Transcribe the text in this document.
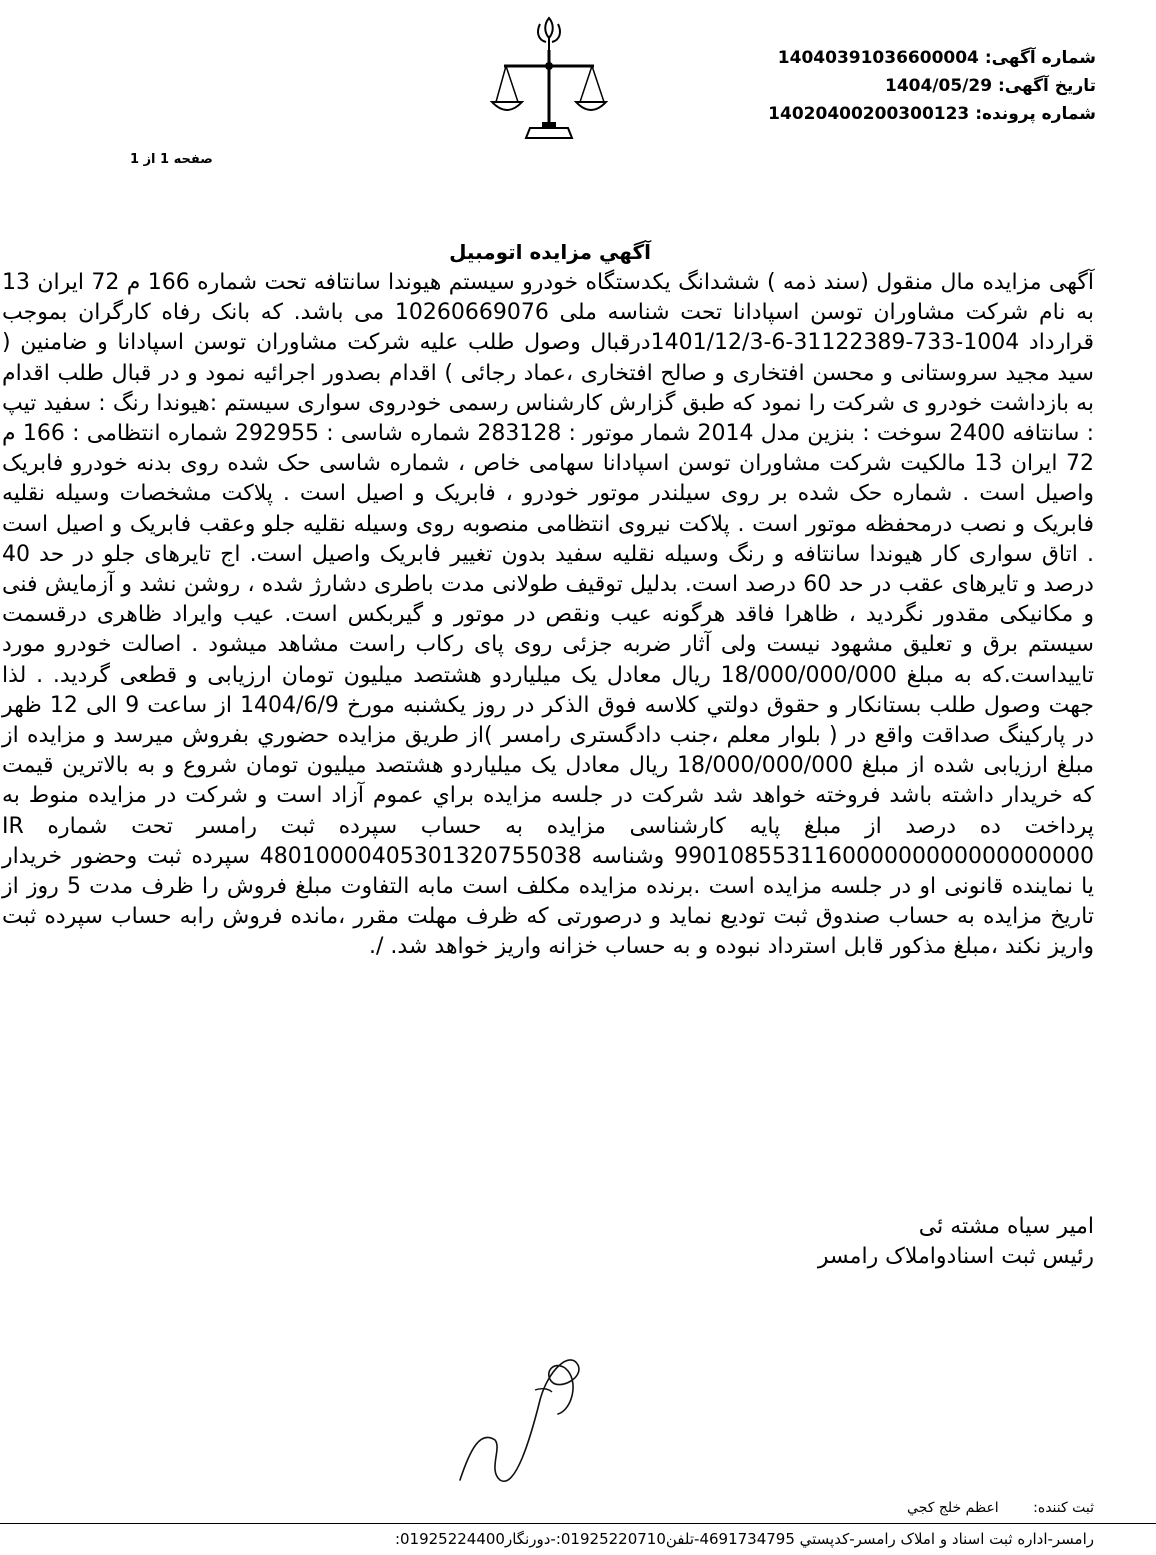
شماره آگهی: 14040391036600004
تاریخ آگهی: 1404/05/29
شماره پرونده: 14020400200300123
صفحه 1 از 1
آگهي مزايده اتومبيل

آگهی مزایده مال منقول (سند ذمه ) ششدانگ یکدستگاه خودرو سیستم هیوندا سانتافه تحت شماره 166 م 72 ایران 13 به نام شرکت مشاوران توسن اسپادانا تحت شناسه ملی 10260669076 می باشد. که بانک رفاه کارگران بموجب قرارداد 1004-733-31122389-6-1401/12/3درقبال وصول طلب علیه شرکت مشاوران توسن اسپادانا و ضامنین ( سید مجید سروستانی و محسن افتخاری و صالح افتخاری ،عماد رجائی ) اقدام بصدور اجرائیه نمود و در قبال طلب اقدام به بازداشت خودرو ی شرکت را نمود که طبق گزارش کارشناس رسمی خودروی سواری سیستم :هیوندا رنگ : سفید تیپ : سانتافه 2400 سوخت : بنزین مدل 2014 شمار موتور : 283128 شماره شاسی : 292955 شماره انتظامی : 166 م 72 ایران 13 مالکیت شرکت مشاوران توسن اسپادانا سهامی خاص ، شماره شاسی حک شده روی بدنه خودرو فابریک واصیل است . شماره حک شده بر روی سیلندر موتور خودرو ، فابریک و اصیل است . پلاکت مشخصات وسیله نقلیه فابریک و نصب درمحفظه موتور است . پلاکت نیروی انتظامی منصوبه روی وسیله نقلیه جلو وعقب فابریک و اصیل است . اتاق سواری کار هیوندا سانتافه و رنگ وسیله نقلیه سفید بدون تغییر فابریک واصیل است. اج تایرهای جلو در حد 40 درصد و تایرهای عقب در حد 60 درصد است. بدلیل توقیف طولانی مدت باطری دشارژ شده ، روشن نشد و آزمایش فنی و مکانیکی مقدور نگردید ، ظاهرا فاقد هرگونه عیب ونقص در موتور و گیربکس است. عیب وایراد ظاهری درقسمت سیستم برق و تعلیق مشهود نیست ولی آثار ضربه جزئی روی پای رکاب راست مشاهد میشود . اصالت خودرو مورد تاییداست.که به مبلغ 18/000/000/000 ریال معادل یک میلیاردو هشتصد میلیون تومان ارزیابی و قطعی گردید. . لذا جهت وصول طلب بستانكار و حقوق دولتي كلاسه فوق الذكر در روز یکشنبه مورخ 1404/6/9 از ساعت 9 الی 12 ظهر در پارکینگ صداقت واقع در ( بلوار معلم ،جنب دادگستری رامسر )از طريق مزايده حضوري بفروش ميرسد و مزایده از مبلغ ارزیابی شده از مبلغ 18/000/000/000 ریال معادل یک میلیاردو هشتصد میلیون تومان شروع و به بالاترين قيمت كه خريدار داشته باشد فروخته خواهد شد شركت در جلسه مزايده براي عموم آزاد است و شرکت در مزایده منوط به پرداخت ده درصد از مبلغ پایه کارشناسی مزایده به حساب سپرده ثبت رامسر تحت شماره IR 990108553116000000000000000000 وشناسه 48010000405301320755038 سپرده ثبت وحضور خریدار یا نماینده قانونی او در جلسه مزایده است .برنده مزایده مکلف است مابه التفاوت مبلغ فروش را ظرف مدت 5 روز از تاریخ مزایده به حساب صندوق ثبت تودیع نماید و درصورتی که ظرف مهلت مقرر ،مانده فروش رابه حساب سپرده ثبت واریز نکند ،مبلغ مذکور قابل استرداد نبوده و به حساب خزانه واریز خواهد شد. /.

امیر سیاه مشته ئی
رئیس ثبت اسنادواملاک رامسر
ثبت کننده: اعظم خلج کجي
رامسر-اداره ثبت اسناد و املاک رامسر-کدپستي 4691734795-تلفن01925220710:-دورنگار01925224400:
